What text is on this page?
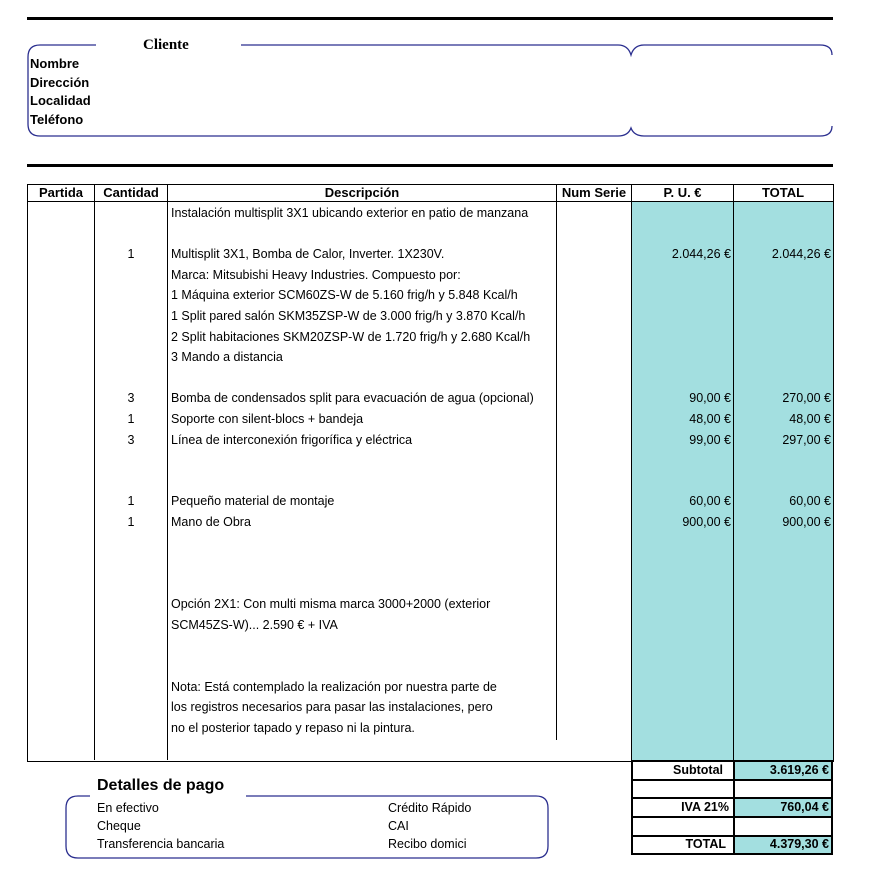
Cliente
Nombre
Dirección
Localidad
Teléfono
Partida	Cantidad	Descripción	Num Serie	P. U. €	TOTAL
Instalación multisplit 3X1 ubicando exterior en patio de manzana
1	Multisplit 3X1, Bomba de Calor, Inverter. 1X230V.	2.044,26 €	2.044,26 €
Marca: Mitsubishi Heavy Industries. Compuesto por:
1 Máquina exterior SCM60ZS-W de 5.160 frig/h y 5.848 Kcal/h
1 Split pared salón SKM35ZSP-W de 3.000 frig/h y 3.870 Kcal/h
2 Split habitaciones SKM20ZSP-W de 1.720 frig/h y 2.680 Kcal/h
3 Mando a distancia
3	Bomba de condensados split para evacuación de agua (opcional)	90,00 €	270,00 €
1	Soporte con silent-blocs + bandeja	48,00 €	48,00 €
3	Línea de interconexión frigorífica y eléctrica	99,00 €	297,00 €
1	Pequeño material de montaje	60,00 €	60,00 €
1	Mano de Obra	900,00 €	900,00 €
Opción 2X1: Con multi misma marca 3000+2000 (exterior
SCM45ZS-W)... 2.590 € + IVA
Nota: Está contemplado la realización por nuestra parte de
los registros necesarios para pasar las instalaciones, pero
no el posterior tapado y repaso ni la pintura.
Subtotal	3.619,26 €
IVA 21%	760,04 €
TOTAL	4.379,30 €
Detalles de pago
En efectivo
Cheque
Transferencia bancaria
Crédito Rápido
CAI
Recibo domici
